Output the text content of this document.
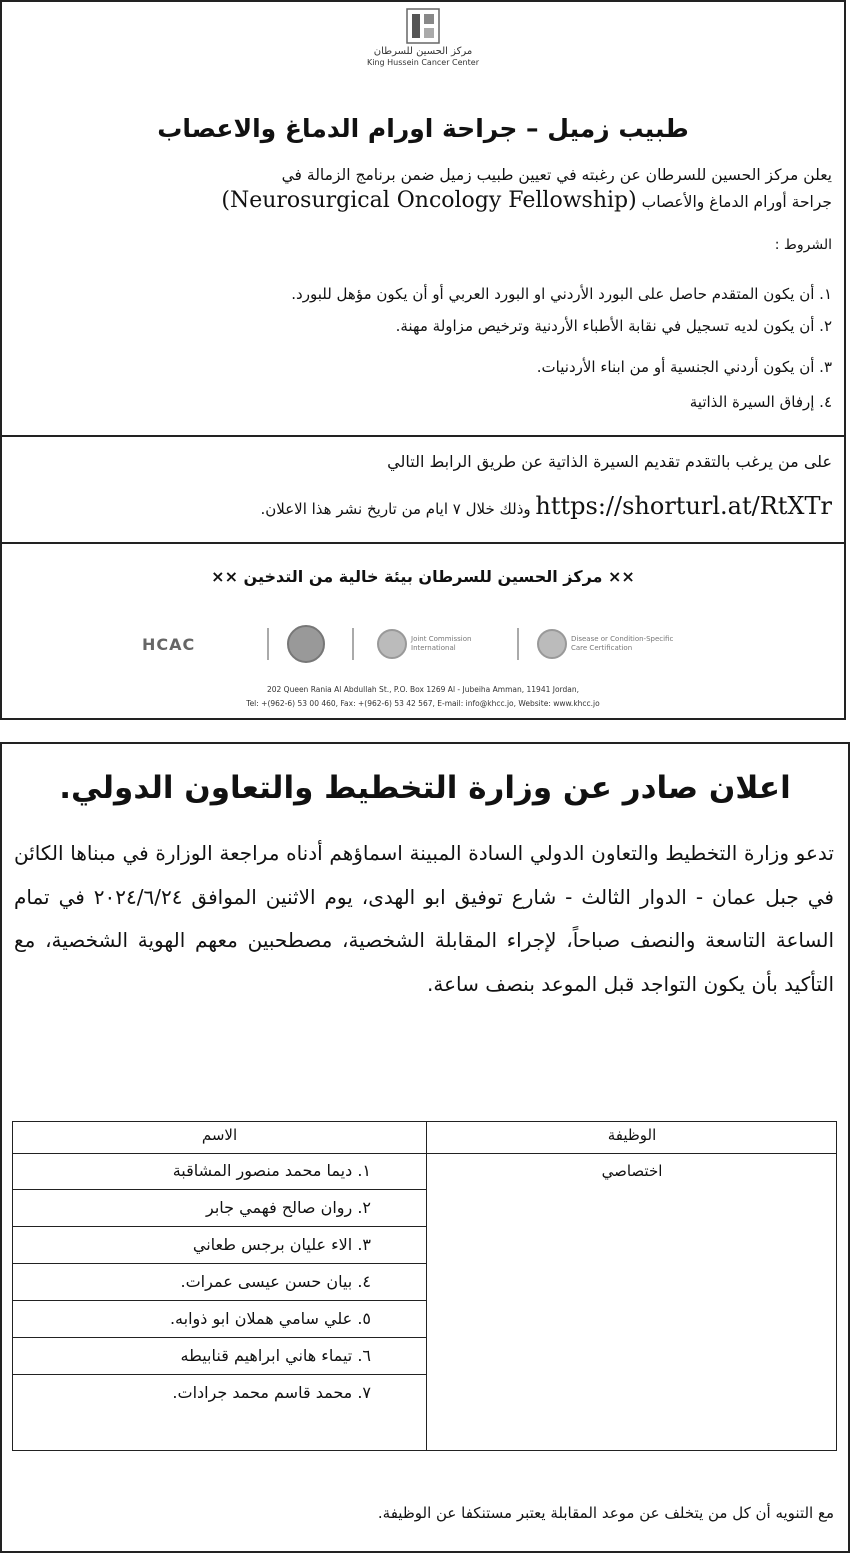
مركز الحسين للسرطان
King Hussein Cancer Center
طبيب زميل – جراحة اورام الدماغ والاعصاب
يعلن مركز الحسين للسرطان عن رغبته في تعيين طبيب زميل ضمن برنامج الزمالة في
جراحة أورام الدماغ والأعصاب (Neurosurgical Oncology Fellowship)
الشروط :
١. أن يكون المتقدم حاصل على البورد الأردني او البورد العربي أو أن يكون مؤهل للبورد.
٢. أن يكون لديه تسجيل في نقابة الأطباء الأردنية وترخيص مزاولة مهنة.
٣. أن يكون أردني الجنسية أو من ابناء الأردنيات.
٤. إرفاق السيرة الذاتية
على من يرغب بالتقدم تقديم السيرة الذاتية عن طريق الرابط التالي
https://shorturl.at/RtXTr وذلك خلال ٧ ايام من تاريخ نشر هذا الاعلان.
×× مركز الحسين للسرطان بيئة خالية من التدخين ××
HCAC	Joint Commission International
Disease or Condition-Specific Care Certification
202 Queen Rania Al Abdullah St., P.O. Box 1269 Al - Jubeiha Amman, 11941 Jordan,
Tel: +(962-6) 53 00 460, Fax: +(962-6) 53 42 567, E-mail: info@khcc.jo, Website: www.khcc.jo
اعلان صادر عن وزارة التخطيط والتعاون الدولي.
تدعو وزارة التخطيط والتعاون الدولي السادة المبينة اسماؤهم أدناه مراجعة الوزارة في مبناها الكائن في جبل عمان - الدوار الثالث - شارع توفيق ابو الهدى، يوم الاثنين الموافق ٢٠٢٤/٦/٢٤ في تمام الساعة التاسعة والنصف صباحاً، لإجراء المقابلة الشخصية، مصطحبين معهم الهوية الشخصية، مع التأكيد بأن يكون التواجد قبل الموعد بنصف ساعة.
الوظيفة
الاسم
اختصاصي
١. ديما محمد منصور المشاقبة
٢. روان صالح فهمي جابر
٣. الاء عليان برجس طعاني
٤. بيان حسن عيسى عمرات.
٥. علي سامي هملان ابو ذوابه.
٦. تيماء هاني ابراهيم قنابيطه
٧. محمد قاسم محمد جرادات.
مع التنويه أن كل من يتخلف عن موعد المقابلة يعتبر مستنكفا عن الوظيفة.
